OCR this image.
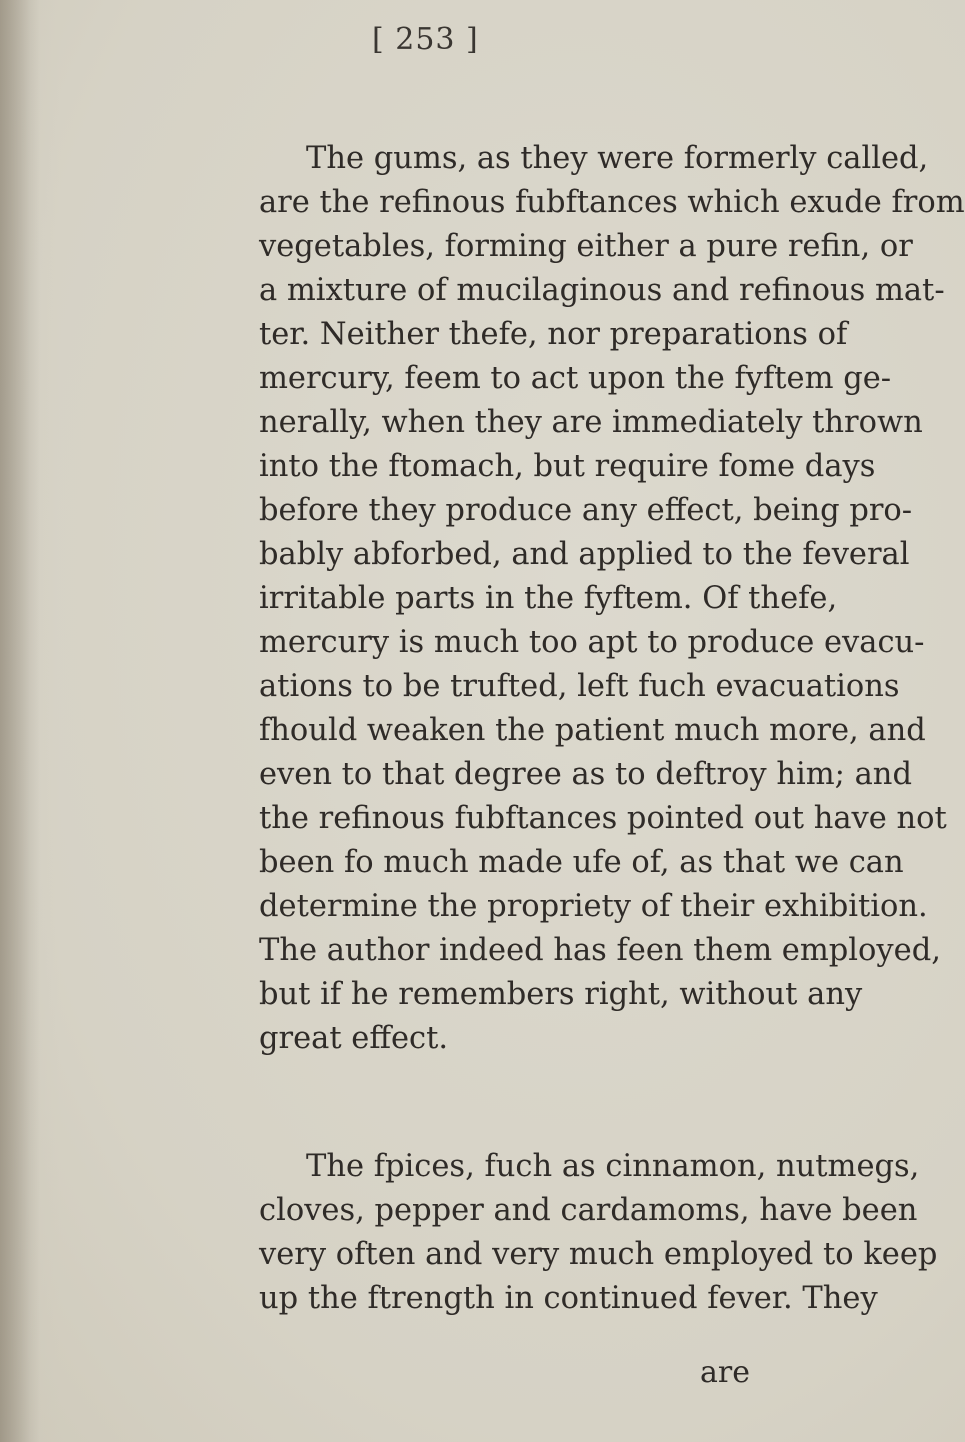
[ 253 ]
The gums, as they were formerly called,
are the refinous fubftances which exude from
vegetables, forming either a pure refin, or
a mixture of mucilaginous and refinous mat-
ter. Neither thefe, nor preparations of
mercury, feem to act upon the fyftem ge-
nerally, when they are immediately thrown
into the ftomach, but require fome days
before they produce any effect, being pro-
bably abforbed, and applied to the feveral
irritable parts in the fyftem. Of thefe,
mercury is much too apt to produce evacu-
ations to be trufted, left fuch evacuations
fhould weaken the patient much more, and
even to that degree as to deftroy him; and
the refinous fubftances pointed out have not
been fo much made ufe of, as that we can
determine the propriety of their exhibition.
The author indeed has feen them employed,
but if he remembers right, without any
great effect.
The fpices, fuch as cinnamon, nutmegs,
cloves, pepper and cardamoms, have been
very often and very much employed to keep
up the ftrength in continued fever. They
are
